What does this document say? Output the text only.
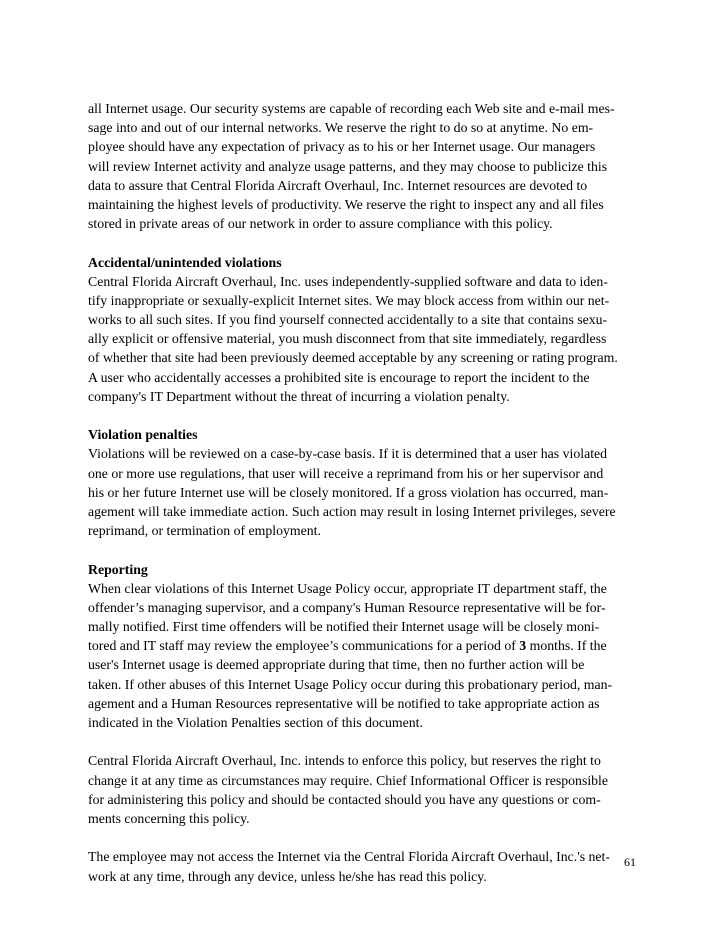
all Internet usage. Our security systems are capable of recording each Web site and e-mail mes-
sage into and out of our internal networks. We reserve the right to do so at anytime. No em-
ployee should have any expectation of privacy as to his or her Internet usage. Our managers
will review Internet activity and analyze usage patterns, and they may choose to publicize this
data to assure that Central Florida Aircraft Overhaul, Inc. Internet resources are devoted to
maintaining the highest levels of productivity. We reserve the right to inspect any and all files
stored in private areas of our network in order to assure compliance with this policy.
Accidental/unintended violations
Central Florida Aircraft Overhaul, Inc. uses independently-supplied software and data to iden-
tify inappropriate or sexually-explicit Internet sites. We may block access from within our net-
works to all such sites. If you find yourself connected accidentally to a site that contains sexu-
ally explicit or offensive material, you mush disconnect from that site immediately, regardless
of whether that site had been previously deemed acceptable by any screening or rating program.
A user who accidentally accesses a prohibited site is encourage to report the incident to the
company's IT Department without the threat of incurring a violation penalty.
Violation penalties
Violations will be reviewed on a case-by-case basis. If it is determined that a user has violated
one or more use regulations, that user will receive a reprimand from his or her supervisor and
his or her future Internet use will be closely monitored. If a gross violation has occurred, man-
agement will take immediate action. Such action may result in losing Internet privileges, severe
reprimand, or termination of employment.
Reporting
When clear violations of this Internet Usage Policy occur, appropriate IT department staff, the
offender’s managing supervisor, and a company's Human Resource representative will be for-
mally notified. First time offenders will be notified their Internet usage will be closely moni-
tored and IT staff may review the employee’s communications for a period of 3 months. If the
user's Internet usage is deemed appropriate during that time, then no further action will be
taken. If other abuses of this Internet Usage Policy occur during this probationary period, man-
agement and a Human Resources representative will be notified to take appropriate action as
indicated in the Violation Penalties section of this document.
Central Florida Aircraft Overhaul, Inc. intends to enforce this policy, but reserves the right to
change it at any time as circumstances may require. Chief Informational Officer is responsible
for administering this policy and should be contacted should you have any questions or com-
ments concerning this policy.
The employee may not access the Internet via the Central Florida Aircraft Overhaul, Inc.'s net-
work at any time, through any device, unless he/she has read this policy.
61
